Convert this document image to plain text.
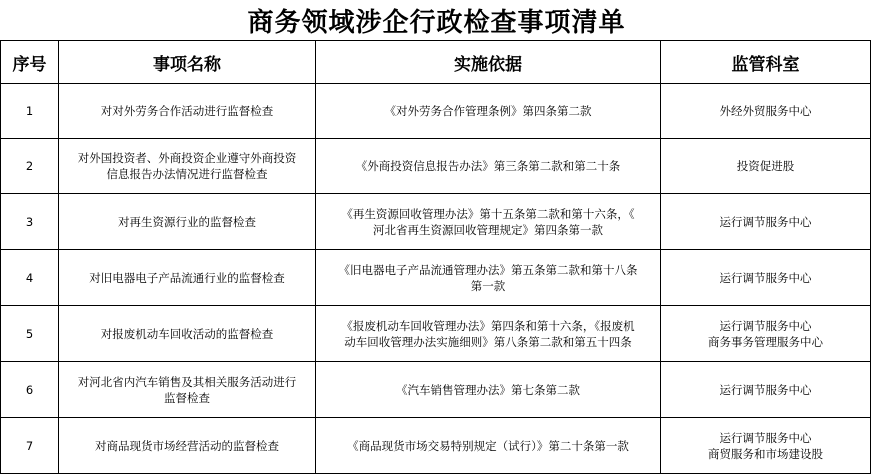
商务领域涉企行政检查事项清单
序号	事项名称	实施依据	监管科室
1	对对外劳务合作活动进行监督检查	《对外劳务合作管理条例》第四条第二款	外经外贸服务中心

2	对外国投资者、外商投资企业遵守外商投资
信息报告办法情况进行监督检查	《外商投资信息报告办法》第三条第二款和第二十条	投资促进股

3	对再生资源行业的监督检查	《再生资源回收管理办法》第十五条第二款和第十六条，《
河北省再生资源回收管理规定》第四条第一款	运行调节服务中心

4	对旧电器电子产品流通行业的监督检查	《旧电器电子产品流通管理办法》第五条第二款和第十八条
第一款	运行调节服务中心

5	对报废机动车回收活动的监督检查	《报废机动车回收管理办法》第四条和第十六条，《报废机
动车回收管理办法实施细则》第八条第二款和第五十四条	运行调节服务中心
商务事务管理服务中心

6	对河北省内汽车销售及其相关服务活动进行
监督检查	《汽车销售管理办法》第七条第二款	运行调节服务中心

7	对商品现货市场经营活动的监督检查	《商品现货市场交易特别规定（试行）》第二十条第一款	运行调节服务中心
商贸服务和市场建设股
